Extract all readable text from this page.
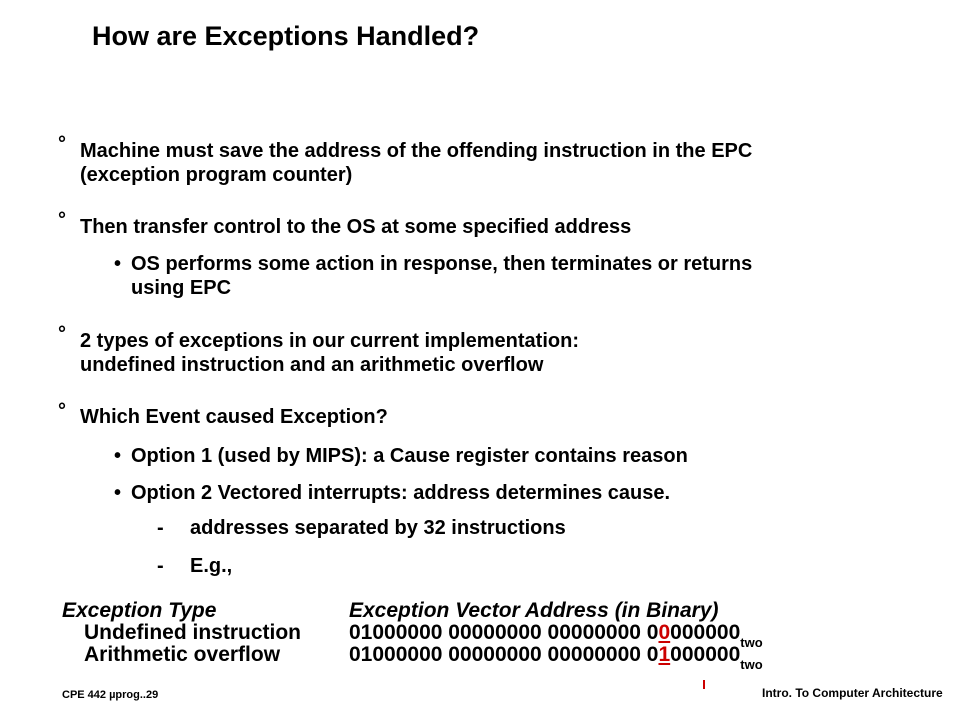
How are Exceptions Handled?
° Machine must save the address of the offending instruction in the EPC
(exception program counter)
° Then transfer control to the OS at some specified address
• OS performs some action in response, then terminates or returns
using EPC
° 2 types of exceptions in our current implementation:
undefined instruction and an arithmetic overflow
° Which Event caused Exception?
• Option 1 (used by MIPS): a Cause register contains reason
• Option 2 Vectored interrupts: address determines cause.
- addresses separated by 32 instructions
- E.g.,
Exception Type	Exception Vector Address (in Binary)
Undefined instruction 01000000 00000000 00000000 $00000000_{two}$
Arithmetic overflow	01000000 00000000 00000000 $01000000_{two}$
CPE 442 µprog..29	Intro. To Computer Architecture
